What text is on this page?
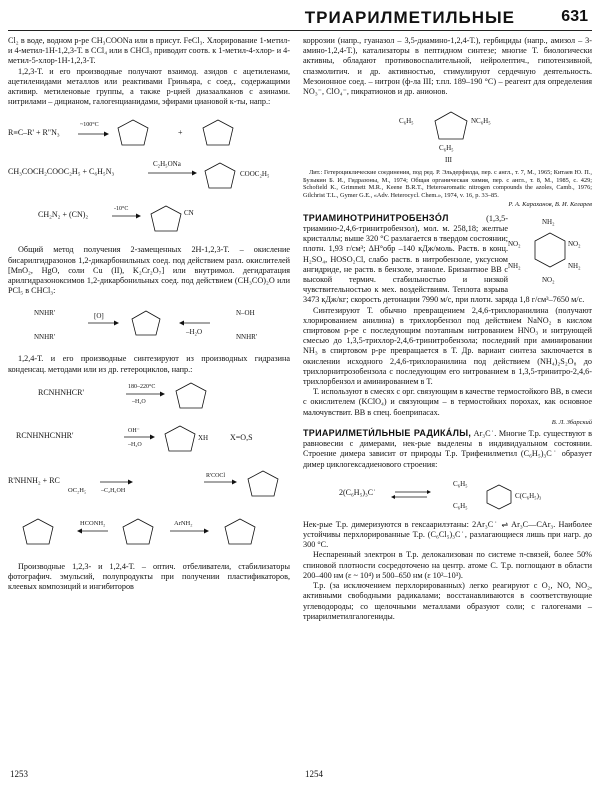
ТРИАРИЛМЕТИЛЬНЫЕ	631

Cl₂ в воде, водном р-ре CH₃COONa или в присут. FeCl₃. Хлорирование 1-метил- и 4-метил-1H-1,2,3-Т. в CCl₄ или в CHCl₃ приводит соотв. к 1-метил-4-хлор- и 4-метил-5-хлор-1H-1,2,3-Т.

1,2,3-Т. и его производные получают взаимод. азидов с ацетиленами, ацетиленидами металлов или реактивами Гриньяра, с соед., содержащими активир. метиленовые группы, а также р-цией диазаалканов с азинами. нитрилами – дицианом, галогенцианидами, эфирами циановой к-ты, напр.:

R≡C–R' + R"N₃
~100°C
+
CH₃COCH₂COOC₂H₅ + C₆H₅N₃
C₂H₅ONa
COOC₂H₅
CH₂N₂ + (CN)₂
-10°C	CN

Общий метод получения 2-замещенных 2H-1,2,3-Т. – окисление бисарилгидразонов 1,2-дикарбонильных соед. под действием разл. окислителей [MnO₂, HgO, соли Cu (II), K₂Cr₂O₇] или внутримол. дегидратация арилгидразоноксимов 1,2-дикарбонильных соед. под действием (CH₃CO)₂O или PCl₅ в CHCl₃:

NNHR'
NNHR'
[O]
–H₂O
N–OH
NNHR'

1,2,4-Т. и его производные синтезируют из производных гидразина конденсац. методами или из др. гетероциклов, напр.:

RCNHNHCR'
180–220°C
–H₂O
RCNHNHCNHR'	OH⁻
–H₂O
XH	X=O,S
R'NHNH₂ + RC
OC₂H₅ –C₂H₅OH
R'COCl
HCONH₂	ArNH₂

Производные 1,2,3- и 1,2,4-Т. – оптич. отбеливатели, стабилизаторы фотографич. эмульсий, полупродукты при получении пластификаторов, клеевых композиций и ингибиторов

1253

коррозии (напр., гуаназол – 3,5-диамино-1,2,4-Т.), гербициды (напр., амизол – 3-амино-1,2,4-Т.), катализаторы в пептидном синтезе; многие Т. биологически активны, обладают противовоспалительной, нейролептич., гипотензивной, спазмолитич. и др. активностью, стимулируют сердечную деятельность. Мезоионное соед. – нитрон (ф-ла III; т.пл. 189–190 °C) – реагент для определения NO₃⁻, ClO₄⁻, пикратионов и др. анионов.

C₆H₅	NC₆H₅
C₆H₅
III

Лит.: Гетероциклические соединения, под ред. Р. Эльдерфилда, пер. с англ., т. 7, М., 1965; Китаев Ю. П., Бузыкин Б. И., Гидразоны, М., 1974; Общая органическая химия, пер. с англ., т. 8, М., 1985, с. 429; Schofield K., Grimmett M.R., Keene B.R.T., Heteroaromatic nitrogen compounds the azoles, Camb., 1976; Gilchrist T.L., Gymer G.E., «Adv. Heterocycl. Chem.», 1974, v. 16, p. 33–85.

Р. А. Караханов, В. И. Келарев
NH₂
NO₂	NO₂
NH₂	NH₂
NO₂

ТРИАМИНОТРИНИТРОБЕНЗÓЛ	(1,3,5-триамино-2,4,6-тринитробензол), мол. м. 258,18; желтые кристаллы; выше 320 °C разлагается в твердом состоянии; плотн. 1,93 г/см³; ΔH°обр –140 кДж/моль. Раств. в конц. H₂SO₄, HOSO₂Cl, слабо раств. в нитробензоле, уксусном ангидриде, не раств. в бензоле, этаноле. Бризантное ВВ с высокой термич. стабильностью и низкой чувствительностью к мех. воздействиям. Теплота взрыва 3473 кДж/кг; скорость детонации 7990 м/с, при плотн. заряда 1,8 г/см³–7650 м/с.

Синтезируют Т. обычно превращением 2,4,6-трихлоранилина (получают хлорированием анилина) в трихлорбензол под действием NaNO₂ в кислом спиртовом р-ре с последующим поэтапным нитрованием HNO₃ и нитрующей смесью до 1,3,5-трихлор-2,4,6-тринитробензола; последний при аминировании NH₃ в спиртовом р-ре превращается в Т. Др. вариант синтеза заключается в окислении исходного 2,4,6-трихлоранилина под действием (NH₄)₂S₂O₈ до трихлорнитрозобензола с последующим его нитрованием в 1,3,5-тринитро-2,4,6-трихлорбензол и аминированием в Т.

Т. используют в смесях с орг. связующим в качестве термостойкого ВВ, в смеси с окислителем (KClO₄) и связующим – в термостойких порохах, как основное малочувствит. ВВ в спец. боеприпасах.

В. Л. Збарский

ТРИАРИЛМЕТИ́ЛЬНЫЕ РАДИКА́ЛЫ, Ar₃C˙. Многие Т.р. существуют в равновесии с димерами, нек-рые выделены в индивидуальном состоянии. Строение димера зависит от природы Т.р. Трифенилметил (C₆H₅)₃C˙ образует димер циклогексадиенового строения:

2(C₆H₅)₃C˙
C₆H₅
C₆H₅
C(C₆H₅)₃

Нек-рые Т.р. димеризуются в гексаарилэтаны: 2Ar₃C˙ ⇌ Ar₃C—CAr₃. Наиболее устойчивы перхлорированные Т.р. (C₆Cl₅)₃C˙, разлагающиеся лишь при нагр. до 300 °C.

Неспаренный электрон в Т.р. делокализован по системе π-связей, более 50% спиновой плотности сосредоточено на центр. атоме С. Т.р. поглощают в области 200–400 нм (ε ~ 10⁴) и 500–650 нм (ε 10²–10³).

Т.р. (за исключением перхлорированных) легко реагируют с O₂, NO, NO₂, активными свободными радикалами; восстанавливаются в соответствующие углеводороды; со щелочными металлами образуют соли; с галогенами – триарилметилгалогениды.

1254
